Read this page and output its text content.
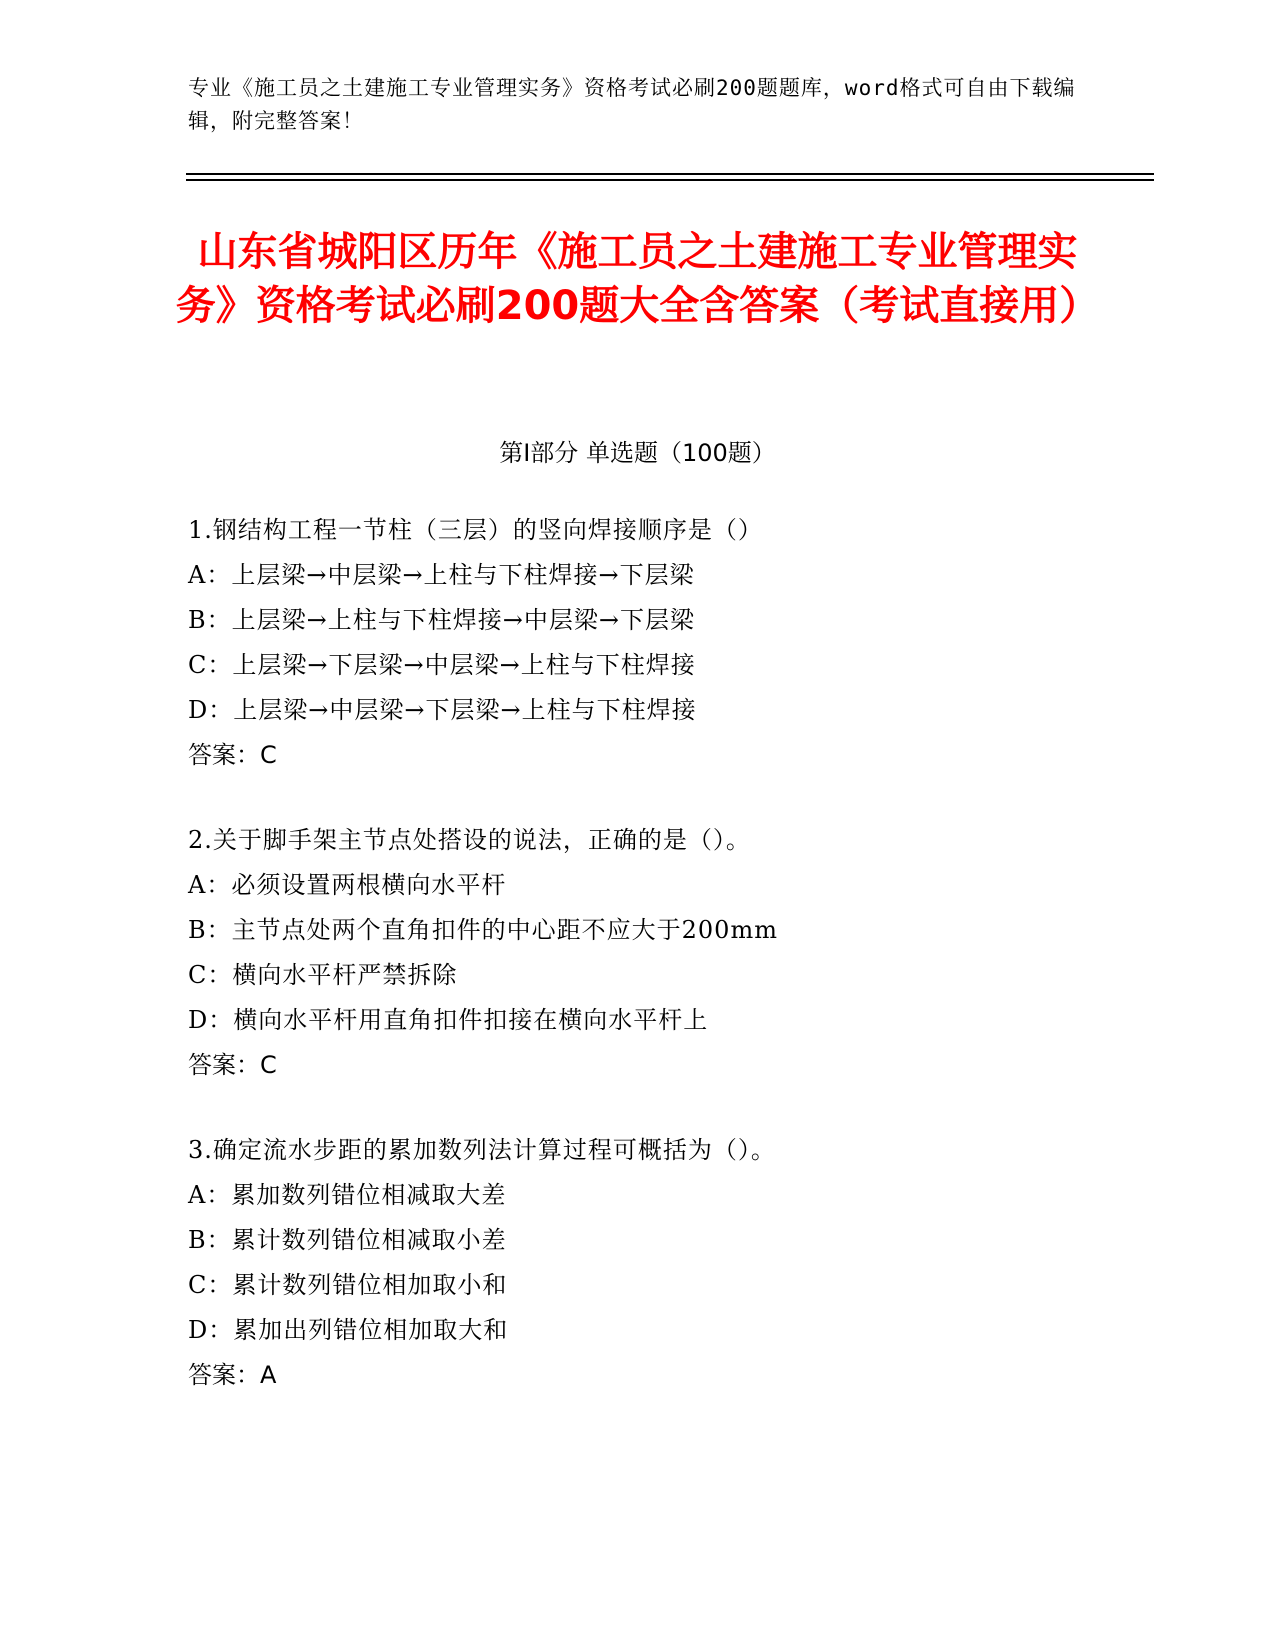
专业《施工员之土建施工专业管理实务》资格考试必刷200题题库，word格式可自由下载编辑，附完整答案！
山东省城阳区历年《施工员之土建施工专业管理实务》资格考试必刷200题大全含答案（考试直接用）
第Ⅰ部分 单选题（100题）
1.钢结构工程一节柱（三层）的竖向焊接顺序是（）
A：上层梁→中层梁→上柱与下柱焊接→下层梁
B：上层梁→上柱与下柱焊接→中层梁→下层梁
C：上层梁→下层梁→中层梁→上柱与下柱焊接
D：上层梁→中层梁→下层梁→上柱与下柱焊接
答案：C
2.关于脚手架主节点处搭设的说法，正确的是（）。
A：必须设置两根横向水平杆
B：主节点处两个直角扣件的中心距不应大于200mm
C：横向水平杆严禁拆除
D：横向水平杆用直角扣件扣接在横向水平杆上
答案：C
3.确定流水步距的累加数列法计算过程可概括为（）。
A：累加数列错位相减取大差
B：累计数列错位相减取小差
C：累计数列错位相加取小和
D：累加出列错位相加取大和
答案：A
